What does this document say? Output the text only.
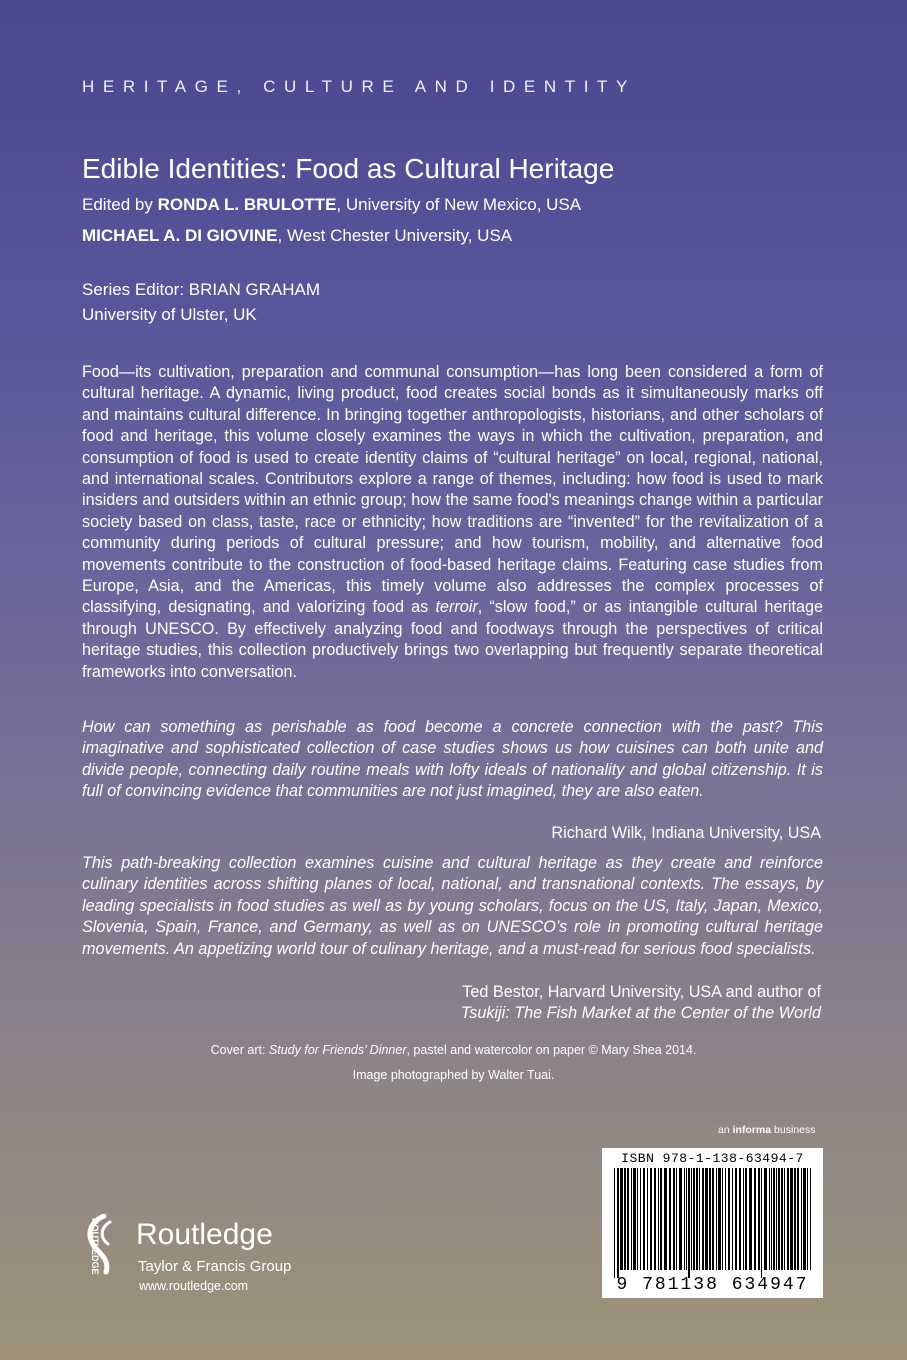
HERITAGE, CULTURE AND IDENTITY
Edible Identities: Food as Cultural Heritage
Edited by RONDA L. BRULOTTE, University of New Mexico, USA
MICHAEL A. DI GIOVINE, West Chester University, USA
Series Editor: BRIAN GRAHAM
University of Ulster, UK

Food—its cultivation, preparation and communal consumption—has long been considered a form of cultural heritage. A dynamic, living product, food creates social bonds as it simultaneously marks off and maintains cultural difference. In bringing together anthropologists, historians, and other scholars of food and heritage, this volume closely examines the ways in which the cultivation, preparation, and consumption of food is used to create identity claims of “cultural heritage” on local, regional, national, and international scales. Contributors explore a range of themes, including: how food is used to mark insiders and outsiders within an ethnic group; how the same food's meanings change within a particular society based on class, taste, race or ethnicity; how traditions are “invented” for the revitalization of a community during periods of cultural pressure; and how tourism, mobility, and alternative food movements contribute to the construction of food-based heritage claims. Featuring case studies from Europe, Asia, and the Americas, this timely volume also addresses the complex processes of classifying, designating, and valorizing food as terroir, “slow food,” or as intangible cultural heritage through UNESCO. By effectively analyzing food and foodways through the perspectives of critical heritage studies, this collection productively brings two overlapping but frequently separate theoretical frameworks into conversation.

How can something as perishable as food become a concrete connection with the past? This imaginative and sophisticated collection of case studies shows us how cuisines can both unite and divide people, connecting daily routine meals with lofty ideals of nationality and global citizenship. It is full of convincing evidence that communities are not just imagined, they are also eaten.

Richard Wilk, Indiana University, USA

This path-breaking collection examines cuisine and cultural heritage as they create and reinforce culinary identities across shifting planes of local, national, and transnational contexts. The essays, by leading specialists in food studies as well as by young scholars, focus on the US, Italy, Japan, Mexico, Slovenia, Spain, France, and Germany, as well as on UNESCO’s role in promoting cultural heritage movements. An appetizing world tour of culinary heritage, and a must-read for serious food specialists.

Ted Bestor, Harvard University, USA and author of
Tsukiji: The Fish Market at the Center of the World
Cover art: Study for Friends’ Dinner, pastel and watercolor on paper © Mary Shea 2014.
Image photographed by Walter Tuai.
an informa business
ISBN 978-1-138-63494-7
9 781138 634947
ROUTLEDGE Routledge
Taylor & Francis Group
www.routledge.com
